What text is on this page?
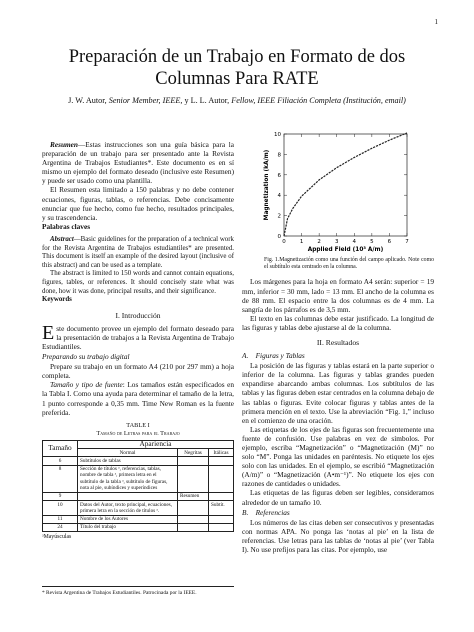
1
Preparación de un Trabajo en Formato de dos Columnas Para RATE
J. W. Autor, Senior Member, IEEE, y L. L. Autor, Fellow, IEEE Filiación Completa (Institución, email)

Resumen—Estas instrucciones son una guía básica para la preparación de un trabajo para ser presentado ante la Revista Argentina de Trabajos Estudiantes*. Este documento es en sí mismo un ejemplo del formato deseado (inclusive este Resumen) y puede ser usado como una plantilla.

El Resumen esta limitado a 150 palabras y no debe contener ecuaciones, figuras, tablas, o referencias. Debe concisamente enunciar que fue hecho, como fue hecho, resultados principales, y su trascendencia.

Palabras claves

Abstract—Basic guidelines for the preparation of a technical work for the Revista Argentina de Trabajos estudiantiles* are presented. This document is itself an example of the desired layout (inclusive of this abstract) and can be used as a template.

The abstract is limited to 150 words and cannot contain equations, figures, tables, or references. It should concisely state what was done, how it was done, principal results, and their significance.

Keywords

I. Introducción

Este documento provee un ejemplo del formato deseado para la presentación de trabajos a la Revista Argentina de Trabajo Estudiantiles.

Preparando su trabajo digital

Prepare su trabajo en un formato A4 (210 por 297 mm) a hoja completa.

Tamaño y tipo de fuente: Los tamaños están especificados en la Tabla I. Como una ayuda para determinar el tamaño de la letra, 1 punto corresponde a 0,35 mm. Time New Roman es la fuente preferida.

TABLE I
Tamaño de Letras para el Trabajo
Tamaño	Apariencia		
	Normal	Negritas	Itálicas
6	Subtítulos de tablas		
8	Sección de títulos ᵃ, referencias, tablas, nombre de tabla ᵃ, primera letra en el subtítulo de la tabla ᵃ, subtítulo de figuras, nota al pie, subíndices y superíndices		
9		Resumen	
10	Datos del Autor, texto principal, ecuaciones, primera letra en la sección de títulos ᵃ.		Subtít.
11	Nombre de los Autores		
24	Título del trabajo		
ᵃMayúsculas
* Revista Argentina de Trabajos Estudiantiles. Patrocinada por la IEEE.
0	1	2	3	4	5	6	7
0
2
4
6
8
10
Applied Field (10³ A/m)
Magnetization (kA/m)
Fig. 1.Magnetización como una función del campo aplicado. Note como el subtítulo esta centrado en la columna.

Los márgenes para la hoja en formato A4 serán: superior = 19 mm, inferior = 30 mm, lado = 13 mm. El ancho de la columna es de 88 mm. El espacio entre la dos columnas es de 4 mm. La sangría de los párrafos es de 3,5 mm.

El texto en las columnas debe estar justificado. La longitud de las figuras y tablas debe ajustarse al de la columna.

II. Resultados

A. Figuras y Tablas

La posición de las figuras y tablas estará en la parte superior o inferior de la columna. Las figuras y tablas grandes pueden expandirse abarcando ambas columnas. Los subtítulos de las tablas y las figuras deben estar centrados en la columna debajo de las tablas o figuras. Evite colocar figuras y tablas antes de la primera mención en el texto. Use la abreviación “Fig. 1,” incluso en el comienzo de una oración.

Las etiquetas de los ejes de las figuras son frecuentemente una fuente de confusión. Use palabras en vez de símbolos. Por ejemplo, escriba “Magnetización” o “Magnetización (M)” no solo “M”. Ponga las unidades en paréntesis. No etiquete los ejes solo con las unidades. En el ejemplo, se escribió “Magnetización (A/m)” o “Magnetización (A•m⁻¹)”. No etiquete los ejes con razones de cantidades o unidades.

Las etiquetas de las figuras deben ser legibles, consideramos alrededor de un tamaño 10.

B. Referencias

Los números de las citas deben ser consecutivos y presentadas con normas APA. No ponga las ‘notas al pie’ en la lista de referencias. Use letras para las tablas de ‘notas al pie’ (ver Tabla I). No use prefijos para las citas. Por ejemplo, use
